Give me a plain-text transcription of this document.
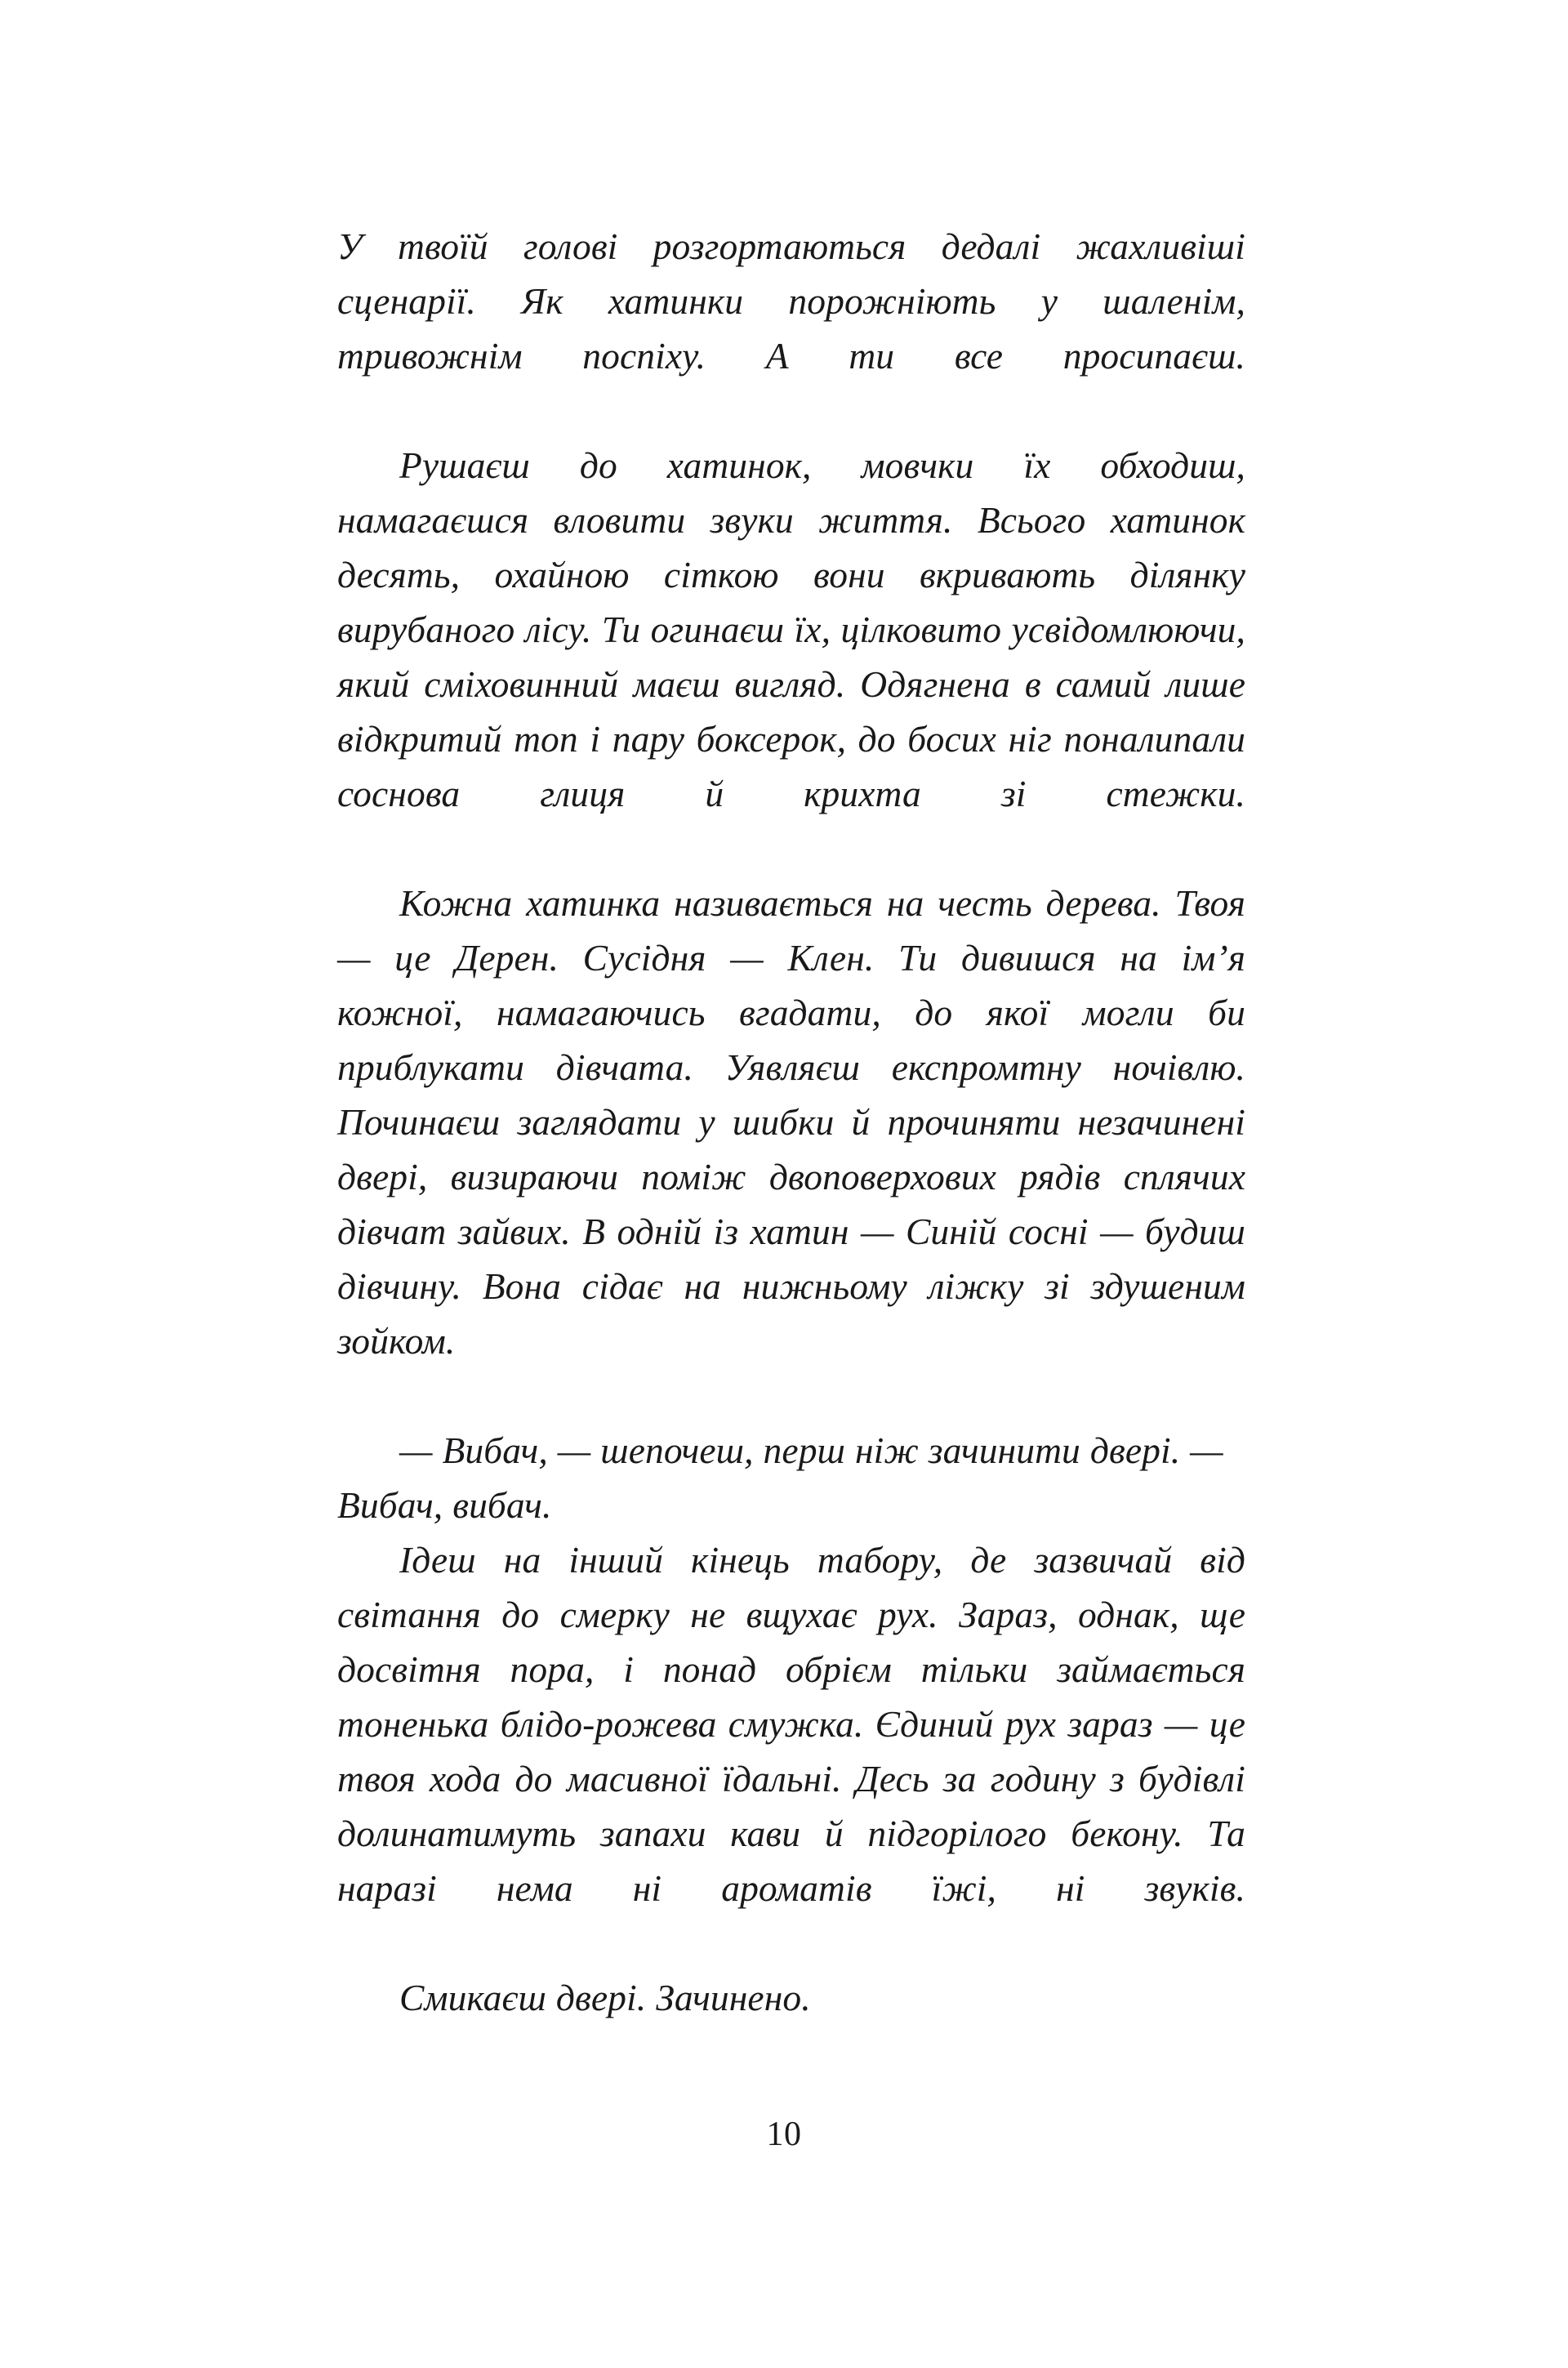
У твоїй голові розгортаються дедалі жахливіші сценарії. Як хатинки порожніють у шаленім, тривожнім поспіху. А ти все просипаєш.

Рушаєш до хатинок, мовчки їх обходиш, намагаєшся вловити звуки життя. Всього хатинок десять, охайною сіткою вони вкривають ділянку вирубаного лісу. Ти огинаєш їх, цілковито усвідомлюючи, який сміховинний маєш вигляд. Одягнена в самий лише відкритий топ і пару боксерок, до босих ніг поналипали соснова глиця й крихта зі стежки.

Кожна хатинка називається на честь дерева. Твоя — це Дерен. Сусідня — Клен. Ти дивишся на ім’я кожної, намагаючись вгадати, до якої могли би приблукати дівчата. Уявляєш експромтну ночівлю. Починаєш заглядати у шибки й прочиняти незачинені двері, визираючи поміж двоповерхових рядів сплячих дівчат зайвих. В одній із хатин — Синій сосні — будиш дівчину. Вона сідає на нижньому ліжку зі здушеним зойком.

— Вибач, — шепочеш, перш ніж зачинити двері. — Вибач, вибач.

Ідеш на інший кінець табору, де зазвичай від світання до смерку не вщухає рух. Зараз, однак, ще досвітня пора, і понад обрієм тільки займається тоненька блідо-рожева смужка. Єдиний рух зараз — це твоя хода до масивної їдальні. Десь за годину з будівлі долинатимуть запахи кави й підгорілого бекону. Та наразі нема ні ароматів їжі, ні звуків.

Смикаєш двері. Зачинено.

10
